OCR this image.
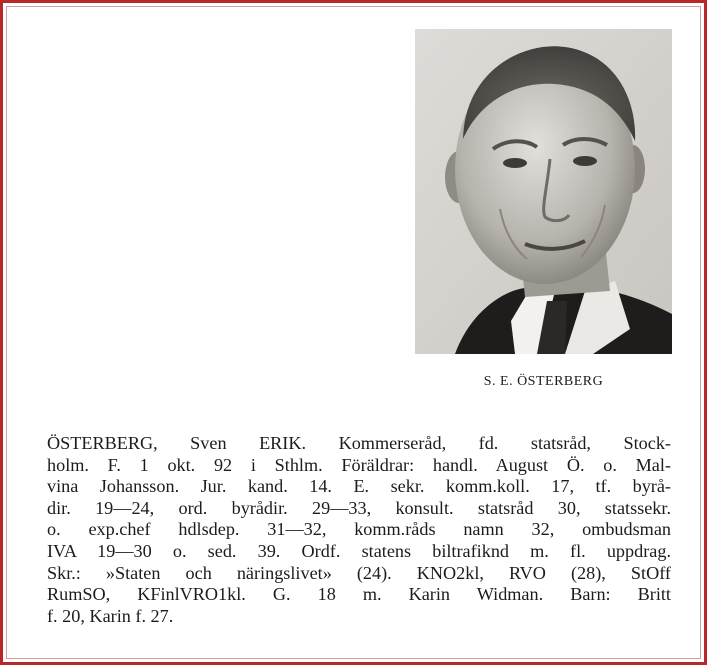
S. E. ÖSTERBERG
ÖSTERBERG, Sven ERIK. Kommerseråd, fd. statsråd, Stock-
holm. F. 1 okt. 92 i Sthlm. Föräldrar: handl. August Ö. o. Mal-
vina Johansson. Jur. kand. 14. E. sekr. komm.koll. 17, tf. byrå-
dir. 19—24, ord. byrådir. 29—33, konsult. statsråd 30, statssekr.
o. exp.chef hdlsdep. 31—32, komm.råds namn 32, ombudsman
IVA 19—30 o. sed. 39. Ordf. statens biltrafiknd m. fl. uppdrag.
Skr.: »Staten och näringslivet» (24). KNO2kl, RVO (28), StOff
RumSO, KFinlVRO1kl. G. 18 m. Karin Widman. Barn: Britt
f. 20, Karin f. 27.
